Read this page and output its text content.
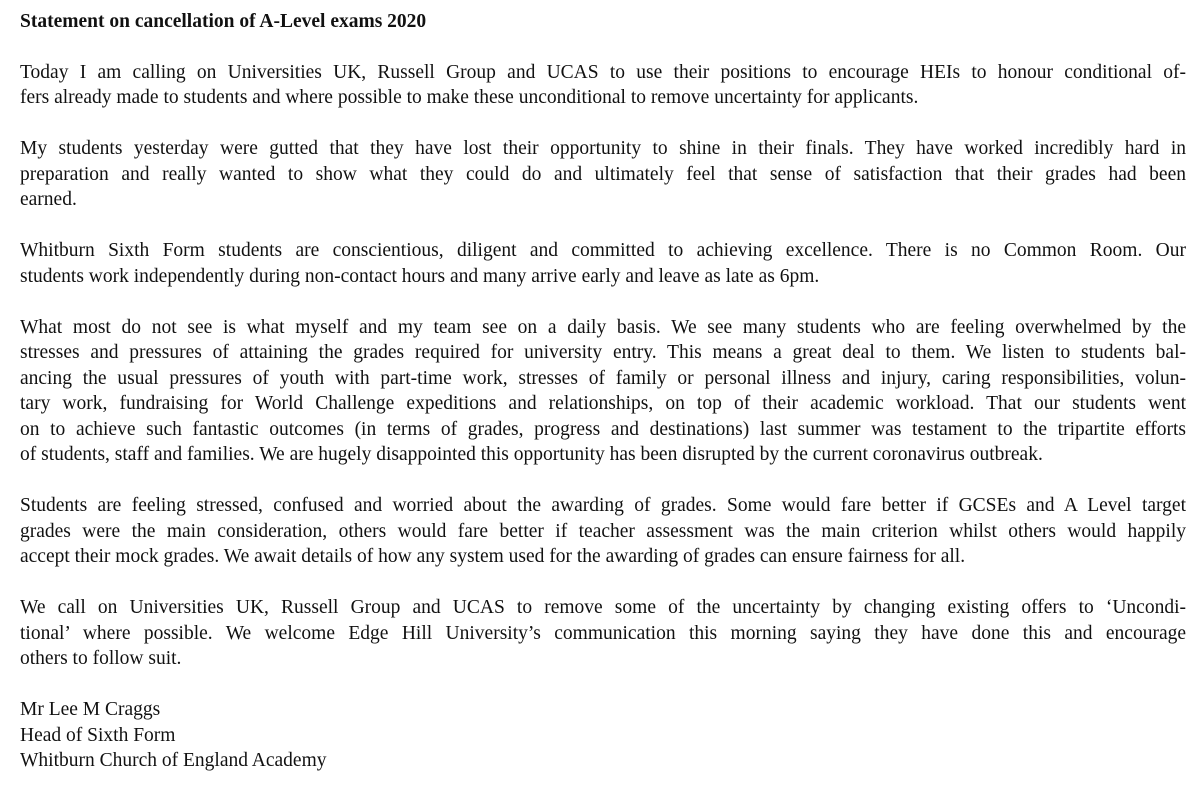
Statement on cancellation of A-Level exams 2020
Today I am calling on Universities UK, Russell Group and UCAS to use their positions to encourage HEIs to honour conditional of-
fers already made to students and where possible to make these unconditional to remove uncertainty for applicants.
My students yesterday were gutted that they have lost their opportunity to shine in their finals. They have worked incredibly hard in
preparation and really wanted to show what they could do and ultimately feel that sense of satisfaction that their grades had been
earned.
Whitburn Sixth Form students are conscientious, diligent and committed to achieving excellence. There is no Common Room. Our
students work independently during non-contact hours and many arrive early and leave as late as 6pm.
What most do not see is what myself and my team see on a daily basis. We see many students who are feeling overwhelmed by the
stresses and pressures of attaining the grades required for university entry. This means a great deal to them. We listen to students bal-
ancing the usual pressures of youth with part-time work, stresses of family or personal illness and injury, caring responsibilities, volun-
tary work, fundraising for World Challenge expeditions and relationships, on top of their academic workload. That our students went
on to achieve such fantastic outcomes (in terms of grades, progress and destinations) last summer was testament to the tripartite efforts
of students, staff and families. We are hugely disappointed this opportunity has been disrupted by the current coronavirus outbreak.
Students are feeling stressed, confused and worried about the awarding of grades. Some would fare better if GCSEs and A Level target
grades were the main consideration, others would fare better if teacher assessment was the main criterion whilst others would happily
accept their mock grades. We await details of how any system used for the awarding of grades can ensure fairness for all.
We call on Universities UK, Russell Group and UCAS to remove some of the uncertainty by changing existing offers to ‘Uncondi-
tional’ where possible. We welcome Edge Hill University’s communication this morning saying they have done this and encourage
others to follow suit.
Mr Lee M Craggs
Head of Sixth Form
Whitburn Church of England Academy
